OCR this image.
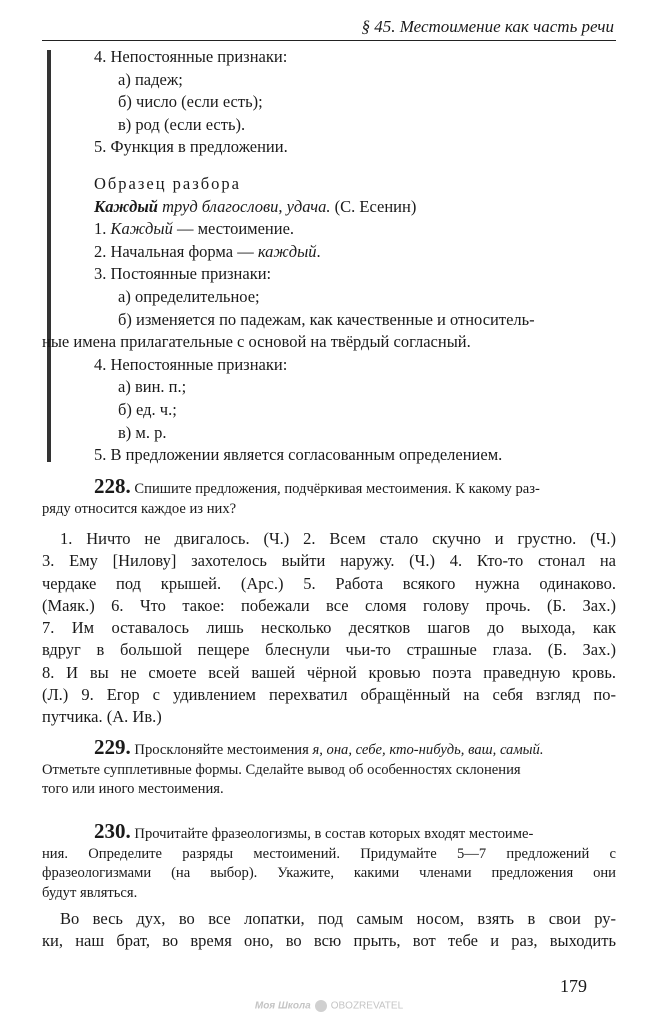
§ 45. Местоимение как часть речи
4. Непостоянные признаки:
а) падеж;
б) число (если есть);
в) род (если есть).
5. Функция в предложении.
Образец разбора
Каждый труд благослови, удача. (С. Есенин)
1. Каждый — местоимение.
2. Начальная форма — каждый.
3. Постоянные признаки:
а) определительное;
б) изменяется по падежам, как качественные и относитель-
ные имена прилагательные с основой на твёрдый согласный.
4. Непостоянные признаки:
а) вин. п.;
б) ед. ч.;
в) м. р.
5. В предложении является согласованным определением.
228. Спишите предложения, подчёркивая местоимения. К какому раз-
ряду относится каждое из них?
1. Ничто не двигалось. (Ч.) 2. Всем стало скучно и грустно. (Ч.)
3. Ему [Нилову] захотелось выйти наружу. (Ч.) 4. Кто-то стонал на
чердаке под крышей. (Арс.) 5. Работа всякого нужна одинаково.
(Маяк.) 6. Что такое: побежали все сломя голову прочь. (Б. Зах.)
7. Им оставалось лишь несколько десятков шагов до выхода, как
вдруг в большой пещере блеснули чьи-то страшные глаза. (Б. Зах.)
8. И вы не смоете всей вашей чёрной кровью поэта праведную кровь.
(Л.) 9. Егор с удивлением перехватил обращённый на себя взгляд по-
путчика. (А. Ив.)
229. Просклоняйте местоимения я, она, себе, кто-нибудь, ваш, самый.
Отметьте супплетивные формы. Сделайте вывод об особенностях склонения
того или иного местоимения.
230. Прочитайте фразеологизмы, в состав которых входят местоиме-
ния. Определите разряды местоимений. Придумайте 5—7 предложений с
фразеологизмами (на выбор). Укажите, какими членами предложения они
будут являться.
Во весь дух, во все лопатки, под самым носом, взять в свои ру-
ки, наш брат, во время оно, во всю прыть, вот тебе и раз, выходить
179
Моя Школа OBOZREVATEL
